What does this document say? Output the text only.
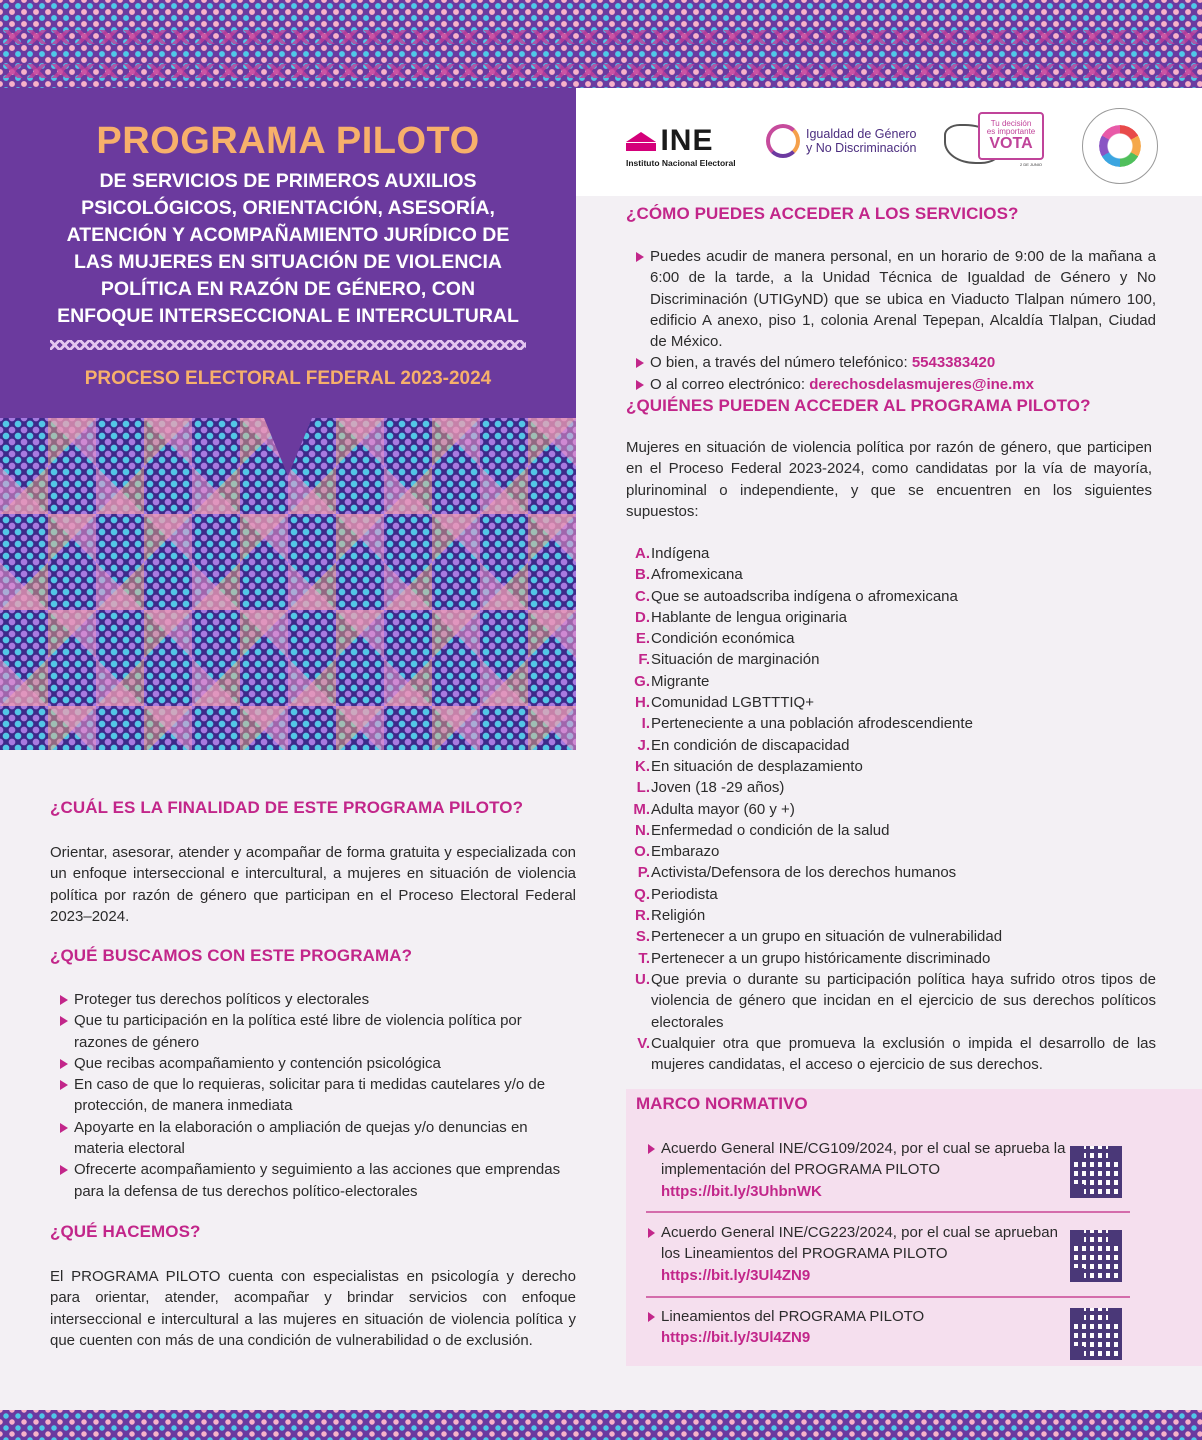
PROGRAMA PILOTO
DE SERVICIOS DE PRIMEROS AUXILIOS
PSICOLÓGICOS, ORIENTACIÓN, ASESORÍA,
ATENCIÓN Y ACOMPAÑAMIENTO JURÍDICO DE
LAS MUJERES EN SITUACIÓN DE VIOLENCIA
POLÍTICA EN RAZÓN DE GÉNERO, CON
ENFOQUE INTERSECCIONAL E INTERCULTURAL
PROCESO ELECTORAL FEDERAL 2023-2024
INE
Instituto Nacional Electoral
Igualdad de Género
y No Discriminación
Tu decisión
es importante
VOTA
2 DE JUNIO
¿CÓMO PUEDES ACCEDER A LOS SERVICIOS?
Puedes acudir de manera personal, en un horario de 9:00 de la mañana a 6:00 de la tarde, a la Unidad Técnica de Igualdad de Género y No Discriminación (UTIGyND) que se ubica en Viaducto Tlalpan número 100, edificio A anexo, piso 1, colonia Arenal Tepepan, Alcaldía Tlalpan, Ciudad de México.
O bien, a través del número telefónico: 5543383420
O al correo electrónico: derechosdelasmujeres@ine.mx
¿QUIÉNES PUEDEN ACCEDER AL PROGRAMA PILOTO?
Mujeres en situación de violencia política por razón de género, que participen en el Proceso Federal 2023-2024, como candidatas por la vía de mayoría, plurinominal o independiente, y que se encuentren en los siguientes supuestos:
A. Indígena
B. Afromexicana
C. Que se autoadscriba indígena o afromexicana
D. Hablante de lengua originaria
E. Condición económica
F. Situación de marginación
G. Migrante
H. Comunidad LGBTTTIQ+
I. Perteneciente a una población afrodescendiente
J. En condición de discapacidad
K. En situación de desplazamiento
L. Joven (18 -29 años)
M. Adulta mayor (60 y +)
N. Enfermedad o condición de la salud
O. Embarazo
P. Activista/Defensora de los derechos humanos
Q. Periodista
R. Religión
S. Pertenecer a un grupo en situación de vulnerabilidad
T. Pertenecer a un grupo históricamente discriminado
U. Que previa o durante su participación política haya sufrido otros tipos de violencia de género que incidan en el ejercicio de sus derechos políticos electorales
V. Cualquier otra que promueva la exclusión o impida el desarrollo de las mujeres candidatas, el acceso o ejercicio de sus derechos.
¿CUÁL ES LA FINALIDAD DE ESTE PROGRAMA PILOTO?
Orientar, asesorar, atender y acompañar de forma gratuita y especializada con un enfoque interseccional e intercultural, a mujeres en situación de violencia política por razón de género que participan en el Proceso Electoral Federal 2023–2024.
¿QUÉ BUSCAMOS CON ESTE PROGRAMA?
Proteger tus derechos políticos y electorales
Que tu participación en la política esté libre de violencia política por razones de género
Que recibas acompañamiento y contención psicológica
En caso de que lo requieras, solicitar para ti medidas cautelares y/o de protección, de manera inmediata
Apoyarte en la elaboración o ampliación de quejas y/o denuncias en materia electoral
Ofrecerte acompañamiento y seguimiento a las acciones que emprendas para la defensa de tus derechos político-electorales
¿QUÉ HACEMOS?
El PROGRAMA PILOTO cuenta con especialistas en psicología y derecho para orientar, atender, acompañar y brindar servicios con enfoque interseccional e intercultural a las mujeres en situación de violencia política y que cuenten con más de una condición de vulnerabilidad o de exclusión.
MARCO NORMATIVO
Acuerdo General INE/CG109/2024, por el cual se aprueba la implementación del PROGRAMA PILOTO
https://bit.ly/3UhbnWK
Acuerdo General INE/CG223/2024, por el cual se aprueban los Lineamientos del PROGRAMA PILOTO
https://bit.ly/3Ul4ZN9
Lineamientos del PROGRAMA PILOTO
https://bit.ly/3Ul4ZN9
